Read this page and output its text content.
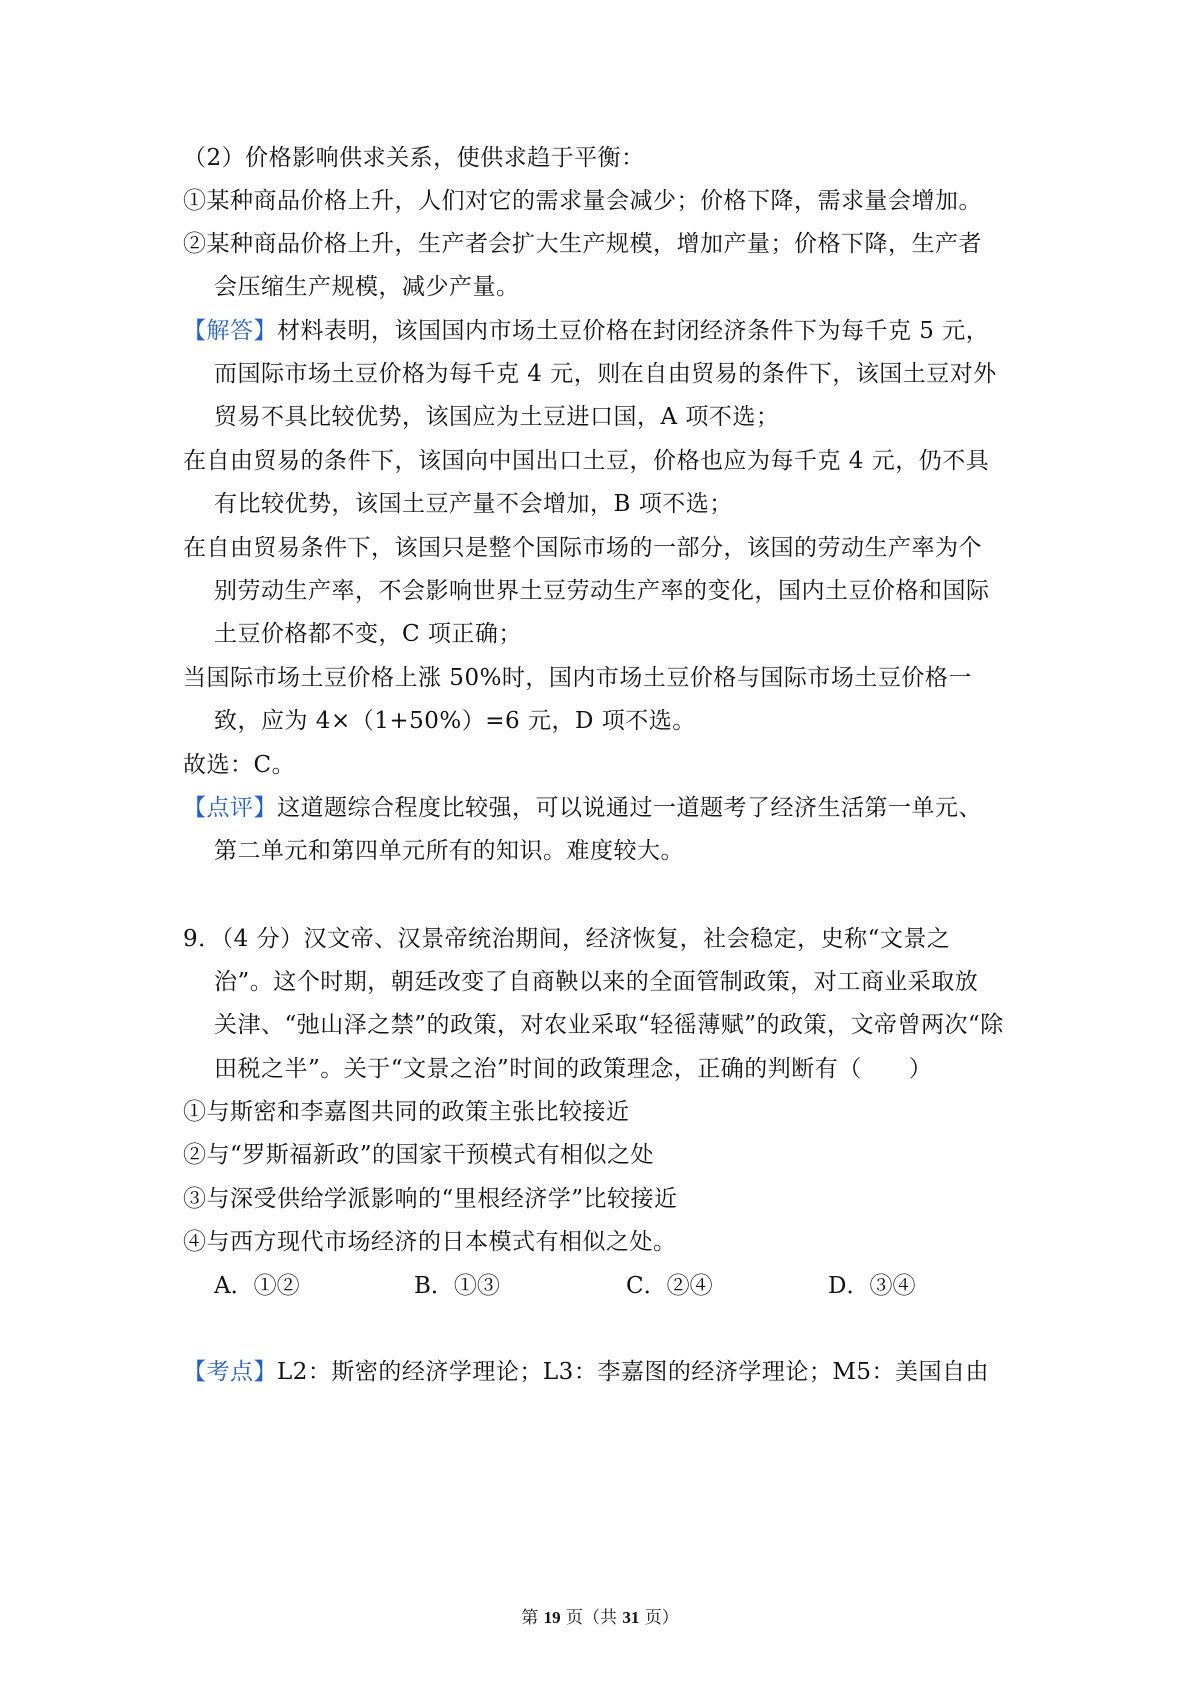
（2）价格影响供求关系，使供求趋于平衡：
①某种商品价格上升，人们对它的需求量会减少；价格下降，需求量会增加。
②某种商品价格上升，生产者会扩大生产规模，增加产量；价格下降，生产者
会压缩生产规模，减少产量。
【解答】材料表明，该国国内市场土豆价格在封闭经济条件下为每千克 5 元，
而国际市场土豆价格为每千克 4 元，则在自由贸易的条件下，该国土豆对外
贸易不具比较优势，该国应为土豆进口国，A 项不选；
在自由贸易的条件下，该国向中国出口土豆，价格也应为每千克 4 元，仍不具
有比较优势，该国土豆产量不会增加，B 项不选；
在自由贸易条件下，该国只是整个国际市场的一部分，该国的劳动生产率为个
别劳动生产率，不会影响世界土豆劳动生产率的变化，国内土豆价格和国际
土豆价格都不变，C 项正确；
当国际市场土豆价格上涨 50%时，国内市场土豆价格与国际市场土豆价格一
致，应为 4×（1+50%）=6 元，D 项不选。
故选：C。
【点评】这道题综合程度比较强，可以说通过一道题考了经济生活第一单元、
第二单元和第四单元所有的知识。难度较大。
9．（4 分）汉文帝、汉景帝统治期间，经济恢复，社会稳定，史称“文景之
治”。这个时期，朝廷改变了自商鞅以来的全面管制政策，对工商业采取放
关津、“弛山泽之禁”的政策，对农业采取“轻徭薄赋”的政策，文帝曾两次“除
田税之半”。关于“文景之治”时间的政策理念，正确的判断有（　　）
①与斯密和李嘉图共同的政策主张比较接近
②与“罗斯福新政”的国家干预模式有相似之处
③与深受供给学派影响的“里根经济学”比较接近
④与西方现代市场经济的日本模式有相似之处。
A．①②	B．①③	C．②④	D．③④
【考点】L2：斯密的经济学理论；L3：李嘉图的经济学理论；M5：美国自由
第 19 页（共 31 页）
